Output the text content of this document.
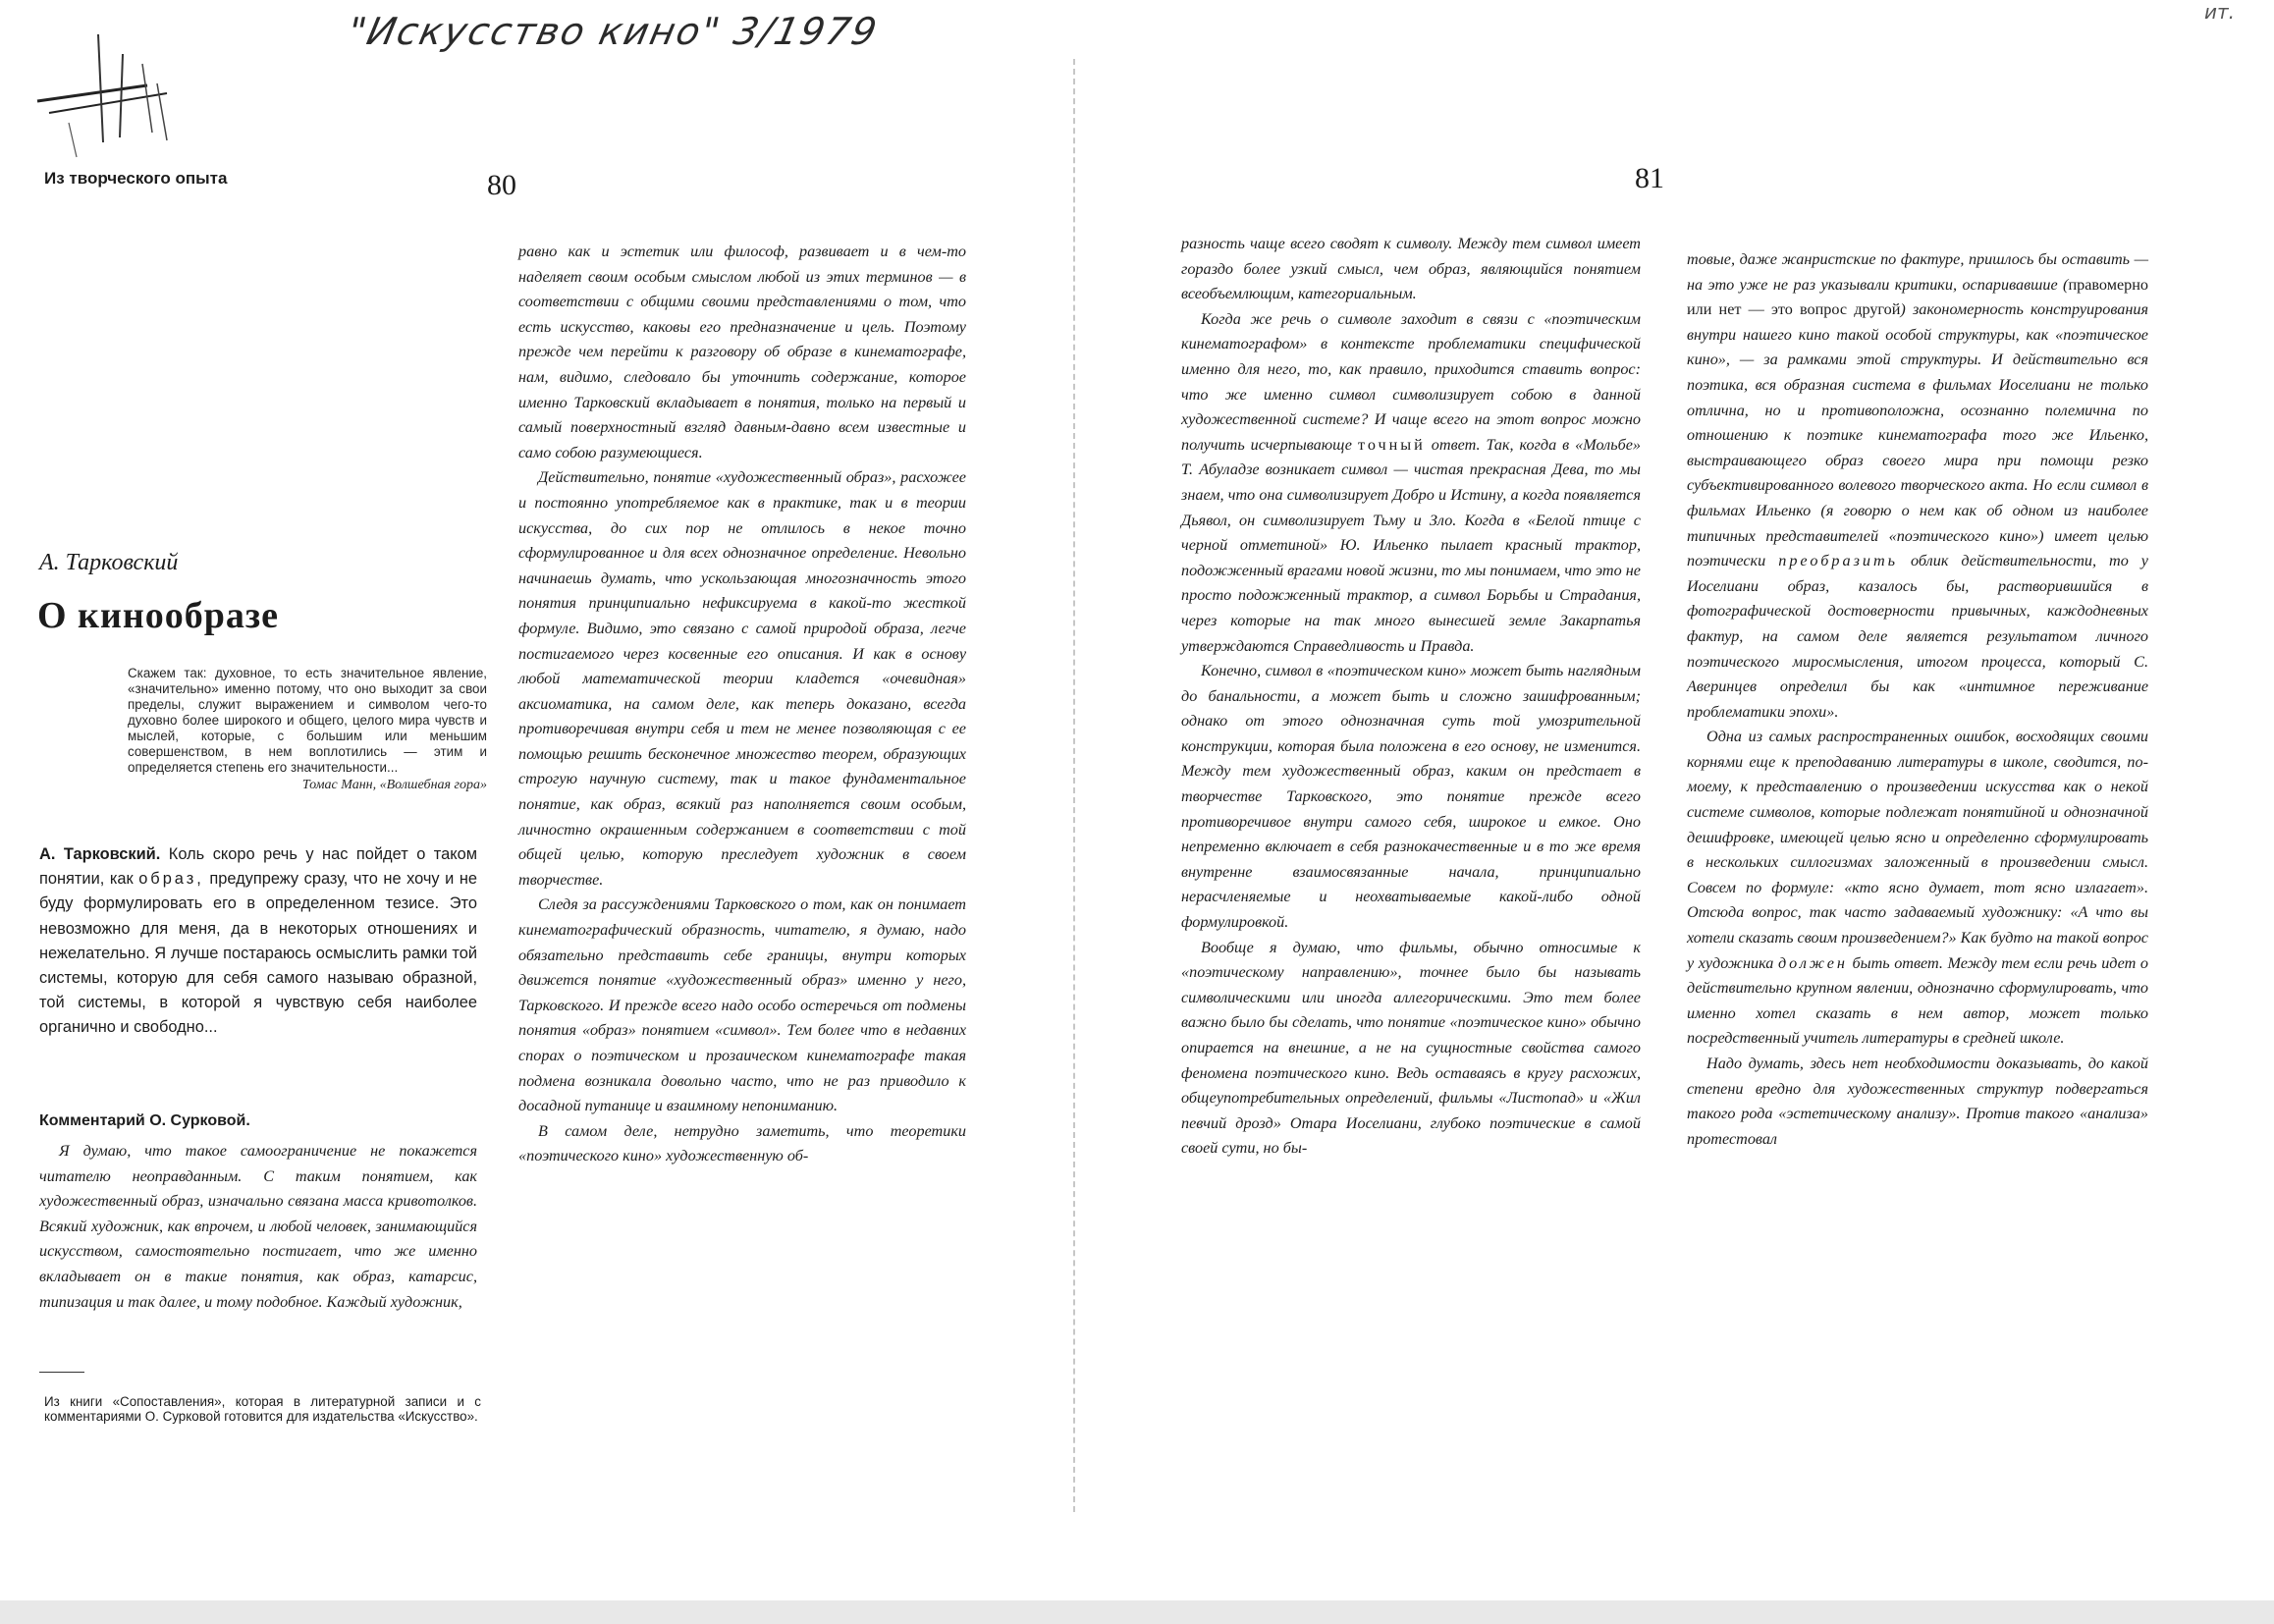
"Искусство кино" 3/1979
Из творческого опыта	80
А. Тарковский
О кинообразе
Скажем так: духовное, то есть значительное явление, «значительно» именно потому, что оно выходит за свои пределы, служит выражением и символом чего-то духовно более широкого и общего, целого мира чувств и мыслей, которые, с большим или меньшим совершенством, в нем воплотились — этим и определяется степень его значительности...
Томас Манн, «Волшебная гора»

А. Тарковский. Коль скоро речь у нас пойдет о таком понятии, как образ, предупрежу сразу, что не хочу и не буду формулировать его в определенном тезисе. Это невозможно для меня, да в некоторых отношениях и нежелательно. Я лучше постараюсь осмыслить рамки той системы, которую для себя самого называю образной, той системы, в которой я чувствую себя наиболее органично и свободно...

Комментарий О. Сурковой.

Я думаю, что такое самоограничение не покажется читателю неоправданным. С таким понятием, как художественный образ, изначально связана масса кривотолков. Всякий художник, как впрочем, и любой человек, занимающийся искусством, самостоятельно постигает, что же именно вкладывает он в такие понятия, как образ, катарсис, типизация и так далее, и тому подобное. Каждый художник,

Из книги «Сопоставления», которая в литературной записи и с комментариями О. Сурковой готовится для издательства «Искусство».

равно как и эстетик или философ, развивает и в чем-то наделяет своим особым смыслом любой из этих терминов — в соответствии с общими своими представлениями о том, что есть искусство, каковы его предназначение и цель. Поэтому прежде чем перейти к разговору об образе в кинематографе, нам, видимо, следовало бы уточнить содержание, которое именно Тарковский вкладывает в понятия, только на первый и самый поверхностный взгляд давным-давно всем известные и само собою разумеющиеся.

Действительно, понятие «художественный образ», расхожее и постоянно употребляемое как в практике, так и в теории искусства, до сих пор не отлилось в некое точно сформулированное и для всех однозначное определение. Невольно начинаешь думать, что ускользающая многозначность этого понятия принципиально нефиксируема в какой-то жесткой формуле. Видимо, это связано с самой природой образа, легче постигаемого через косвенные его описания. И как в основу любой математической теории кладется «очевидная» аксиоматика, на самом деле, как теперь доказано, всегда противоречивая внутри себя и тем не менее позволяющая с ее помощью решить бесконечное множество теорем, образующих строгую научную систему, так и такое фундаментальное понятие, как образ, всякий раз наполняется своим особым, личностно окрашенным содержанием в соответствии с той общей целью, которую преследует художник в своем творчестве.

Следя за рассуждениями Тарковского о том, как он понимает кинематографический образность, читателю, я думаю, надо обязательно представить себе границы, внутри которых движется понятие «художественный образ» именно у него, Тарковского. И прежде всего надо особо остеречься от подмены понятия «образ» понятием «символ». Тем более что в недавних спорах о поэтическом и прозаическом кинематографе такая подмена возникала довольно часто, что не раз приводило к досадной путанице и взаимному непониманию.

В самом деле, нетрудно заметить, что теоретики «поэтического кино» художественную об-

ит.
81

разность чаще всего сводят к символу. Между тем символ имеет гораздо более узкий смысл, чем образ, являющийся понятием всеобъемлющим, категориальным.

Когда же речь о символе заходит в связи с «поэтическим кинематографом» в контексте проблематики специфической именно для него, то, как правило, приходится ставить вопрос: что же именно символ символизирует собою в данной художественной системе? И чаще всего на этот вопрос можно получить исчерпывающе точный ответ. Так, когда в «Мольбе» Т. Абуладзе возникает символ — чистая прекрасная Дева, то мы знаем, что она символизирует Добро и Истину, а когда появляется Дьявол, он символизирует Тьму и Зло. Когда в «Белой птице с черной отметиной» Ю. Ильенко пылает красный трактор, подожженный врагами новой жизни, то мы понимаем, что это не просто подожженный трактор, а символ Борьбы и Страдания, через которые на так много вынесшей земле Закарпатья утверждаются Справедливость и Правда.

Конечно, символ в «поэтическом кино» может быть наглядным до банальности, а может быть и сложно зашифрованным; однако от этого однозначная суть той умозрительной конструкции, которая была положена в его основу, не изменится. Между тем художественный образ, каким он предстает в творчестве Тарковского, это понятие прежде всего противоречивое внутри самого себя, широкое и емкое. Оно непременно включает в себя разнокачественные и в то же время внутренне взаимосвязанные начала, принципиально нерасчленяемые и неохватываемые какой-либо одной формулировкой.

Вообще я думаю, что фильмы, обычно относимые к «поэтическому направлению», точнее было бы называть символическими или иногда аллегорическими. Это тем более важно было бы сделать, что понятие «поэтическое кино» обычно опирается на внешние, а не на сущностные свойства самого феномена поэтического кино. Ведь оставаясь в кругу расхожих, общеупотребительных определений, фильмы «Листопад» и «Жил певчий дрозд» Отара Иоселиани, глубоко поэтические в самой своей сути, но бы-

товые, даже жанристские по фактуре, пришлось бы оставить — на это уже не раз указывали критики, оспаривавшие (правомерно или нет — это вопрос другой) закономерность конструирования внутри нашего кино такой особой структуры, как «поэтическое кино», — за рамками этой структуры. И действительно вся поэтика, вся образная система в фильмах Иоселиани не только отлична, но и противоположна, осознанно полемична по отношению к поэтике кинематографа того же Ильенко, выстраивающего образ своего мира при помощи резко субъективированного волевого творческого акта. Но если символ в фильмах Ильенко (я говорю о нем как об одном из наиболее типичных представителей «поэтического кино») имеет целью поэтически преобразить облик действительности, то у Иоселиани образ, казалось бы, растворившийся в фотографической достоверности привычных, каждодневных фактур, на самом деле является результатом личного поэтического миросмысления, итогом процесса, который С. Аверинцев определил бы как «интимное переживание проблематики эпохи».

Одна из самых распространенных ошибок, восходящих своими корнями еще к преподаванию литературы в школе, сводится, по-моему, к представлению о произведении искусства как о некой системе символов, которые подлежат понятийной и однозначной дешифровке, имеющей целью ясно и определенно сформулировать в нескольких силлогизмах заложенный в произведении смысл. Совсем по формуле: «кто ясно думает, тот ясно излагает». Отсюда вопрос, так часто задаваемый художнику: «А что вы хотели сказать своим произведением?» Как будто на такой вопрос у художника должен быть ответ. Между тем если речь идет о действительно крупном явлении, однозначно сформулировать, что именно хотел сказать в нем автор, может только посредственный учитель литературы в средней школе.

Надо думать, здесь нет необходимости доказывать, до какой степени вредно для художественных структур подвергаться такого рода «эстетическому анализу». Против такого «анализа» протестовал
